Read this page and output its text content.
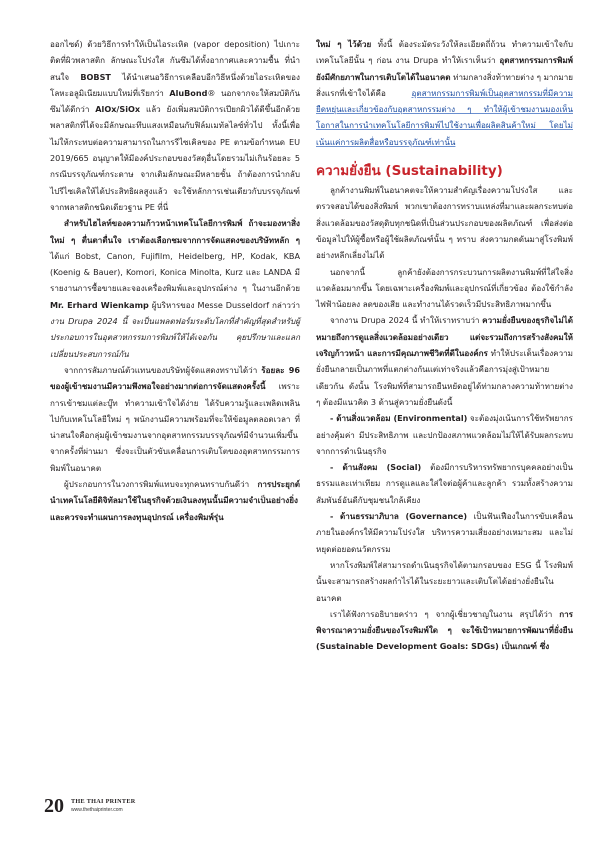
ออกไซด์) ด้วยวิธีการทำให้เป็นไอระเหิด (vapor deposition) ไปเกาะติดที่ผิวพลาสติก ลักษณะโปร่งใส กันซึมได้ทั้งอากาศและความชื้น ที่นำสนใจ BOBST ได้นำเสนอวิธีการเคลือบอีกวิธีหนึ่งด้วยไอระเหิดของโลหะอลูมิเนียมแบบใหม่ที่เรียกว่า AluBond® นอกจากจะให้สมบัติกันซึมได้ดีกว่า AlOx/SiOx แล้ว ยังเพิ่มสมบัติการเปียกผิวได้ดีขึ้นอีกด้วย พลาสติกที่ได้จะมีลักษณะทึบแสงเหมือนกับฟิล์มเมทัลไลซ์ทั่วไป ทั้งนี้เพื่อไม่ให้กระทบต่อความสามารถในการรีไซเคิลของ PE ตามข้อกำหนด EU 2019/665 อนุญาตให้มีองค์ประกอบของวัสดุอื่นโดยรวมไม่เกินร้อยละ 5 กรณีบรรจุภัณฑ์กระดาษ จากเดิมลักษณะมีหลายชั้น ถ้าต้องการนำกลับไปรีไซเคิลให้ได้ประสิทธิผลสูงแล้ว จะใช้หลักการเช่นเดียวกับบรรจุภัณฑ์จากพลาสติกชนิดเดียวฐาน PE ที่นี่

สำหรับไฮไลท์ของความก้าวหน้าเทคโนโลยีการพิมพ์ ถ้าจะมองหาสิ่งใหม่ ๆ ตื่นตาตื่นใจ เราต้องเลือกชมจากการจัดแสดงของบริษัทหลัก ๆ ได้แก่ Bobst, Canon, Fujifilm, Heidelberg, HP, Kodak, KBA (Koenig & Bauer), Komori, Konica Minolta, Kurz และ LANDA มีรายงานการซื้อขายและจองเครื่องพิมพ์และอุปกรณ์ต่าง ๆ ในงานอีกด้วย Mr. Erhard Wienkamp ผู้บริหารของ Messe Dusseldorf กล่าวว่า งาน Drupa 2024 นี้ จะเป็นแพลตฟอร์มระดับโลกที่สำคัญที่สุดสำหรับผู้ประกอบการในอุตสาหกรรมการพิมพ์ให้ได้เจอกัน คุยปรึกษาและแลกเปลี่ยนประสบการณ์กัน

จากการสัมภาษณ์ตัวแทนของบริษัทผู้จัดแสดงทราบได้ว่า ร้อยละ 96 ของผู้เข้าชมงานมีความพึงพอใจอย่างมากต่อการจัดแสดงครั้งนี้ เพราะการเข้าชมแต่ละบู๊ท ทำความเข้าใจได้ง่าย ได้รับความรู้และเพลิดเพลินไปกับเทคโนโลยีใหม่ ๆ พนักงานมีความพร้อมที่จะให้ข้อมูลตลอดเวลา ที่น่าสนใจคือกลุ่มผู้เข้าชมงานจากอุตสาหกรรมบรรจุภัณฑ์มีจำนวนเพิ่มขึ้นจากครั้งที่ผ่านมา ซึ่งจะเป็นตัวขับเคลื่อนการเติบโตของอุตสาหกรรมการพิมพ์ในอนาคต

ผู้ประกอบการในวงการพิมพ์แทบจะทุกคนทราบกันดีว่า การประยุกต์นำเทคโนโลยีดิจิทัลมาใช้ในธุรกิจด้วยเงินลงทุนนั้นมีความจำเป็นอย่างยิ่ง และควรจะทำแผนการลงทุนอุปกรณ์ เครื่องพิมพ์รุ่น

ใหม่ ๆ ไว้ด้วย ทั้งนี้ ต้องระมัดระวังให้ละเอียดถี่ถ้วน ทำความเข้าใจกับเทคโนโลยีนั้น ๆ ก่อน งาน Drupa ทำให้เราเห็นว่า อุตสาหกรรมการพิมพ์ยังมีศักยภาพในการเติบโตได้ในอนาคต ท่ามกลางสิ่งท้าทายต่าง ๆ มากมาย สิ่งแรกที่เข้าใจได้คือ อุตสาหกรรมการพิมพ์เป็นอุตสาหกรรมที่มีความยืดหยุ่นและเกี่ยวข้องกับอุตสาหกรรมต่าง ๆ ทำให้ผู้เข้าชมงานมองเห็นโอกาสในการนำเทคโนโลยีการพิมพ์ไปใช้งานเพื่อผลิตสินค้าใหม่ โดยไม่เน้นแค่การผลิตสื่อหรือบรรจุภัณฑ์เท่านั้น

ความยั่งยืน (Sustainability)

ลูกค้างานพิมพ์ในอนาคตจะให้ความสำคัญเรื่องความโปร่งใส และตรวจสอบได้ของสิ่งพิมพ์ พวกเขาต้องการทราบแหล่งที่มาและผลกระทบต่อสิ่งแวดล้อมของวัสดุดิบทุกชนิดที่เป็นส่วนประกอบของผลิตภัณฑ์ เพื่อส่งต่อข้อมูลไปให้ผู้ซื้อหรือผู้ใช้ผลิตภัณฑ์นั้น ๆ ทราบ ส่งความกดดันมาสู่โรงพิมพ์อย่างหลีกเลี่ยงไม่ได้

นอกจากนี้ ลูกค้ายังต้องการกระบวนการผลิตงานพิมพ์ที่ใส่ใจสิ่งแวดล้อมมากขึ้น โดยเฉพาะเครื่องพิมพ์และอุปกรณ์ที่เกี่ยวข้อง ต้องใช้กำลังไฟฟ้าน้อยลง ลดของเสีย และทำงานได้รวดเร็วมีประสิทธิภาพมากขึ้น

จากงาน Drupa 2024 นี้ ทำให้เราทราบว่า ความยั่งยืนของธุรกิจไม่ได้หมายถึงการดูแลสิ่งแวดล้อมอย่างเดียว แต่จะรวมถึงการสร้างสังคมให้เจริญก้าวหน้า และการมีคุณภาพชีวิตที่ดีในองค์กร ทำให้ประเด็นเรื่องความยั่งยืนกลายเป็นภาพที่แตกต่างกันแต่เท่าจริงแล้วคือการมุ่งสู่เป้าหมายเดียวกัน ดังนั้น โรงพิมพ์ที่สามารถยืนหยัดอยู่ได้ท่ามกลางความท้าทายต่าง ๆ ต้องมีแนวคิด 3 ด้านสู่ความยั่งยืนดังนี้

- ด้านสิ่งแวดล้อม (Environmental) จะต้องมุ่งเน้นการใช้ทรัพยากรอย่างคุ้มค่า มีประสิทธิภาพ และปกป้องสภาพแวดล้อมไม่ให้ได้รับผลกระทบจากการดำเนินธุรกิจ

- ด้านสังคม (Social) ต้องมีการบริหารทรัพยากรบุคคลอย่างเป็นธรรมและเท่าเทียม การดูแลและใส่ใจต่อผู้ค้าและลูกค้า รวมทั้งสร้างความสัมพันธ์อันดีกับชุมชนใกล้เคียง

- ด้านธรรมาภิบาล (Governance) เป็นฟันเฟืองในการขับเคลื่อนภายในองค์กรให้มีความโปร่งใส บริหารความเสี่ยงอย่างเหมาะสม และไม่หยุดต่อยอดนวัตกรรม

หากโรงพิมพ์ใส่สามารถดำเนินธุรกิจได้ตามกรอบของ ESG นี้ โรงพิมพ์นั้นจะสามารถสร้างผลกำไรได้ในระยะยาวและเติบโตได้อย่างยั่งยืนในอนาคต

เราได้ฟังการอธิบายคร่าว ๆ จากผู้เชี่ยวชาญในงาน สรุปได้ว่า การพิจารณาความยั่งยืนของโรงพิมพ์ใด ๆ จะใช้เป้าหมายการพัฒนาที่ยั่งยืน (Sustainable Development Goals: SDGs) เป็นเกณฑ์ ซึ่ง

20 THE THAI PRINTER
www.thethaiprinter.com
